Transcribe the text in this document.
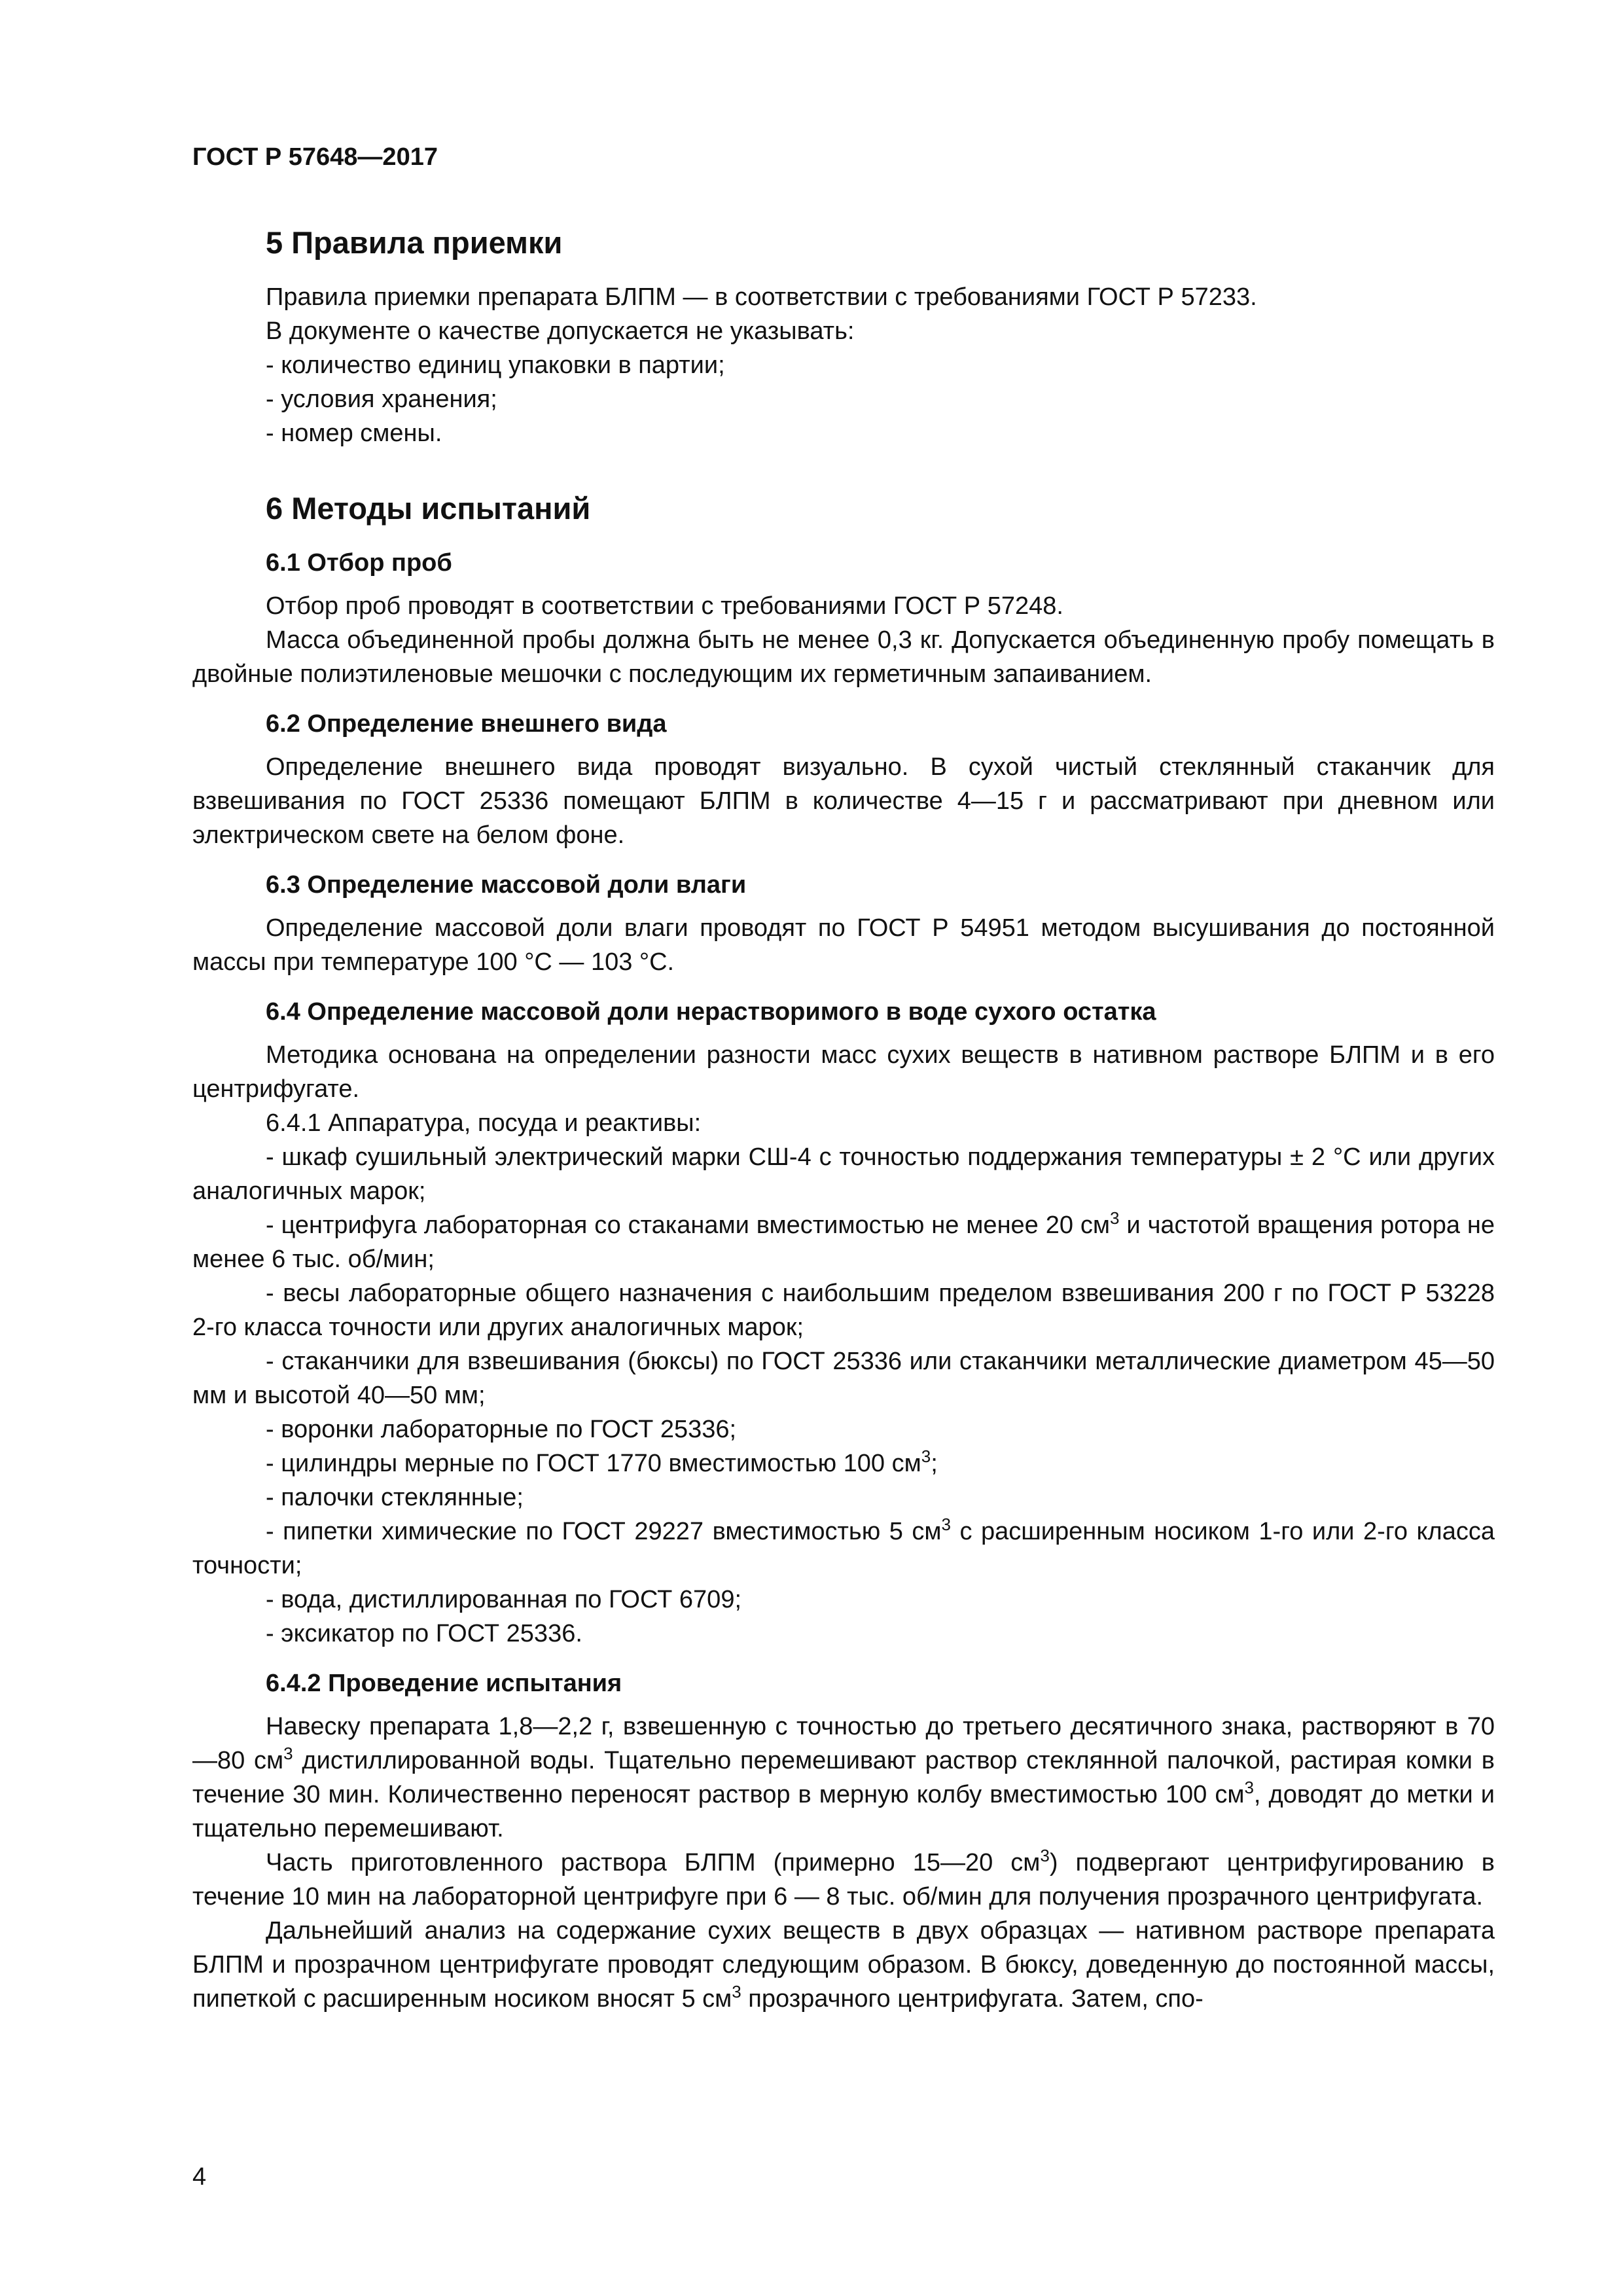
ГОСТ Р 57648—2017
5 Правила приемки

Правила приемки препарата БЛПМ — в соответствии с требованиями ГОСТ Р 57233.

В документе о качестве допускается не указывать:

- количество единиц упаковки в партии;

- условия хранения;

- номер смены.

6 Методы испытаний
6.1 Отбор проб

Отбор проб проводят в соответствии с требованиями ГОСТ Р 57248.

Масса объединенной пробы должна быть не менее 0,3 кг. Допускается объединенную пробу помещать в двойные полиэтиленовые мешочки с последующим их герметичным запаиванием.

6.2 Определение внешнего вида

Определение внешнего вида проводят визуально. В сухой чистый стеклянный стаканчик для взвешивания по ГОСТ 25336 помещают БЛПМ в количестве 4—15 г и рассматривают при дневном или электрическом свете на белом фоне.

6.3 Определение массовой доли влаги

Определение массовой доли влаги проводят по ГОСТ Р 54951 методом высушивания до постоянной массы при температуре 100 °С — 103 °С.

6.4 Определение массовой доли нерастворимого в воде сухого остатка

Методика основана на определении разности масс сухих веществ в нативном растворе БЛПМ и в его центрифугате.

6.4.1 Аппаратура, посуда и реактивы:

- шкаф сушильный электрический марки СШ-4 с точностью поддержания температуры ± 2 °С или других аналогичных марок;

- центрифуга лабораторная со стаканами вместимостью не менее 20 $см^3$ и частотой вращения ротора не менее 6 тыс. об/мин;

- весы лабораторные общего назначения с наибольшим пределом взвешивания 200 г по ГОСТ Р 53228 2-го класса точности или других аналогичных марок;

- стаканчики для взвешивания (бюксы) по ГОСТ 25336 или стаканчики металлические диаметром 45—50 мм и высотой 40—50 мм;

- воронки лабораторные по ГОСТ 25336;

- цилиндры мерные по ГОСТ 1770 вместимостью 100 $см^3$;

- палочки стеклянные;

- пипетки химические по ГОСТ 29227 вместимостью 5 $см^3$ с расширенным носиком 1-го или 2-го класса точности;

- вода, дистиллированная по ГОСТ 6709;

- эксикатор по ГОСТ 25336.

6.4.2 Проведение испытания

Навеску препарата 1,8—2,2 г, взвешенную с точностью до третьего десятичного знака, растворяют в 70—80 $см^3$ дистиллированной воды. Тщательно перемешивают раствор стеклянной палочкой, растирая комки в течение 30 мин. Количественно переносят раствор в мерную колбу вместимостью 100 $см^3$, доводят до метки и тщательно перемешивают.

Часть приготовленного раствора БЛПМ (примерно 15—20 $см^3$) подвергают центрифугированию в течение 10 мин на лабораторной центрифуге при 6 — 8 тыс. об/мин для получения прозрачного центрифугата.

Дальнейший анализ на содержание сухих веществ в двух образцах — нативном растворе препарата БЛПМ и прозрачном центрифугате проводят следующим образом. В бюксу, доведенную до постоянной массы, пипеткой с расширенным носиком вносят 5 $см^3$ прозрачного центрифугата. Затем, спо-

4
